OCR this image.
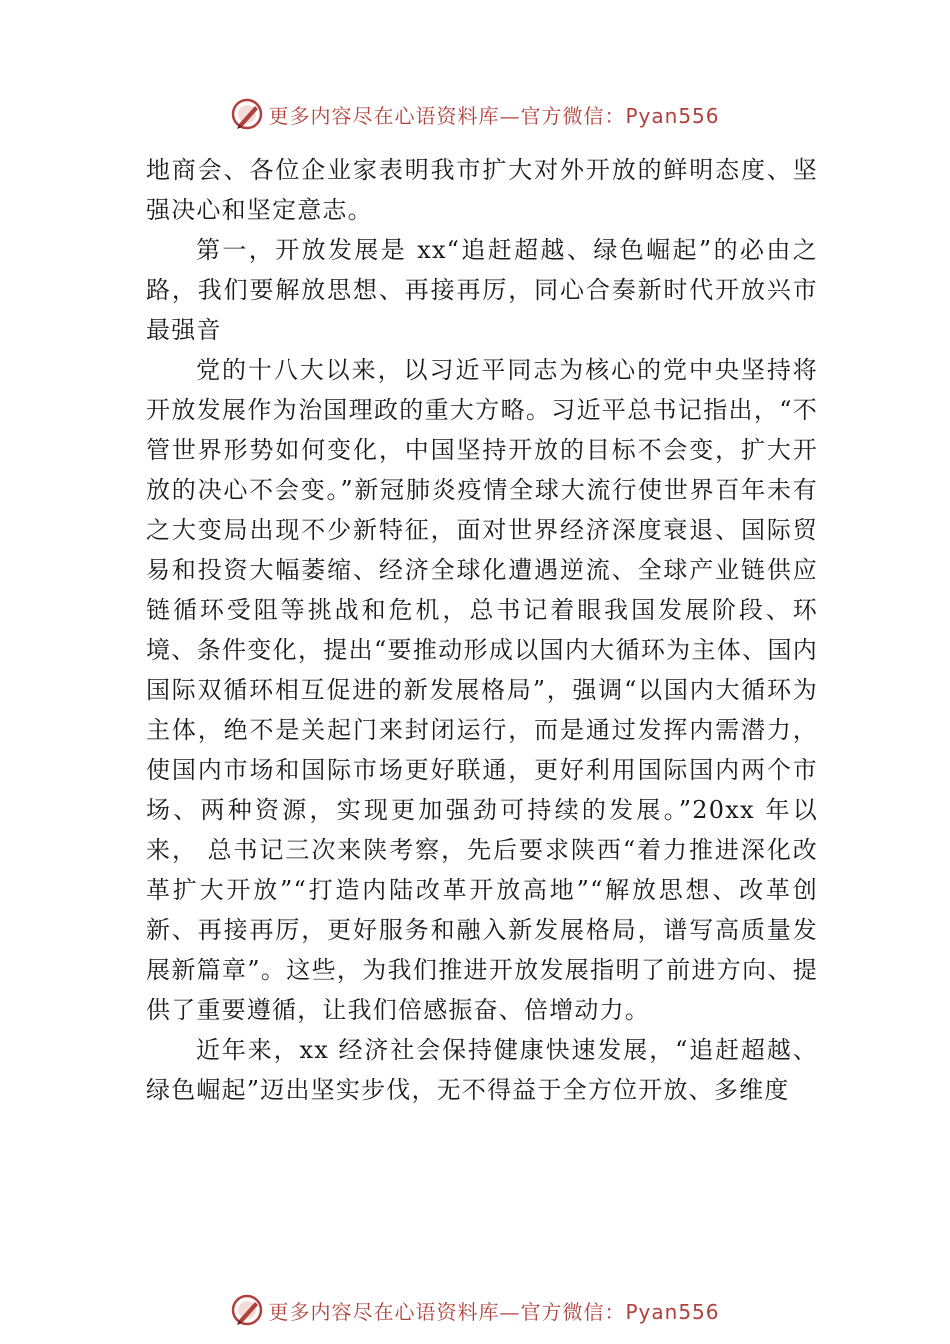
更多内容尽在心语资料库—官方微信：Pyan556

地商会、各位企业家表明我市扩大对外开放的鲜明态度、坚强决心和坚定意志。

第一，开放发展是 xx“追赶超越、绿色崛起”的必由之路，我们要解放思想、再接再厉，同心合奏新时代开放兴市最强音

党的十八大以来，以习近平同志为核心的党中央坚持将开放发展作为治国理政的重大方略。习近平总书记指出，“不管世界形势如何变化，中国坚持开放的目标不会变，扩大开放的决心不会变。”新冠肺炎疫情全球大流行使世界百年未有之大变局出现不少新特征，面对世界经济深度衰退、国际贸易和投资大幅萎缩、经济全球化遭遇逆流、全球产业链供应链循环受阻等挑战和危机，总书记着眼我国发展阶段、环境、条件变化，提出“要推动形成以国内大循环为主体、国内国际双循环相互促进的新发展格局”，强调“以国内大循环为主体，绝不是关起门来封闭运行，而是通过发挥内需潜力， 使国内市场和国际市场更好联通，更好利用国际国内两个市场、两种资源，实现更加强劲可持续的发展。”20xx 年以来， 总书记三次来陕考察，先后要求陕西“着力推进深化改革扩大开放”“打造内陆改革开放高地”“解放思想、改革创新、再接再厉，更好服务和融入新发展格局，谱写高质量发展新篇章”。这些，为我们推进开放发展指明了前进方向、提供了重要遵循，让我们倍感振奋、倍增动力。

近年来，xx 经济社会保持健康快速发展，“追赶超越、绿色崛起”迈出坚实步伐，无不得益于全方位开放、多维度

更多内容尽在心语资料库—官方微信：Pyan556
